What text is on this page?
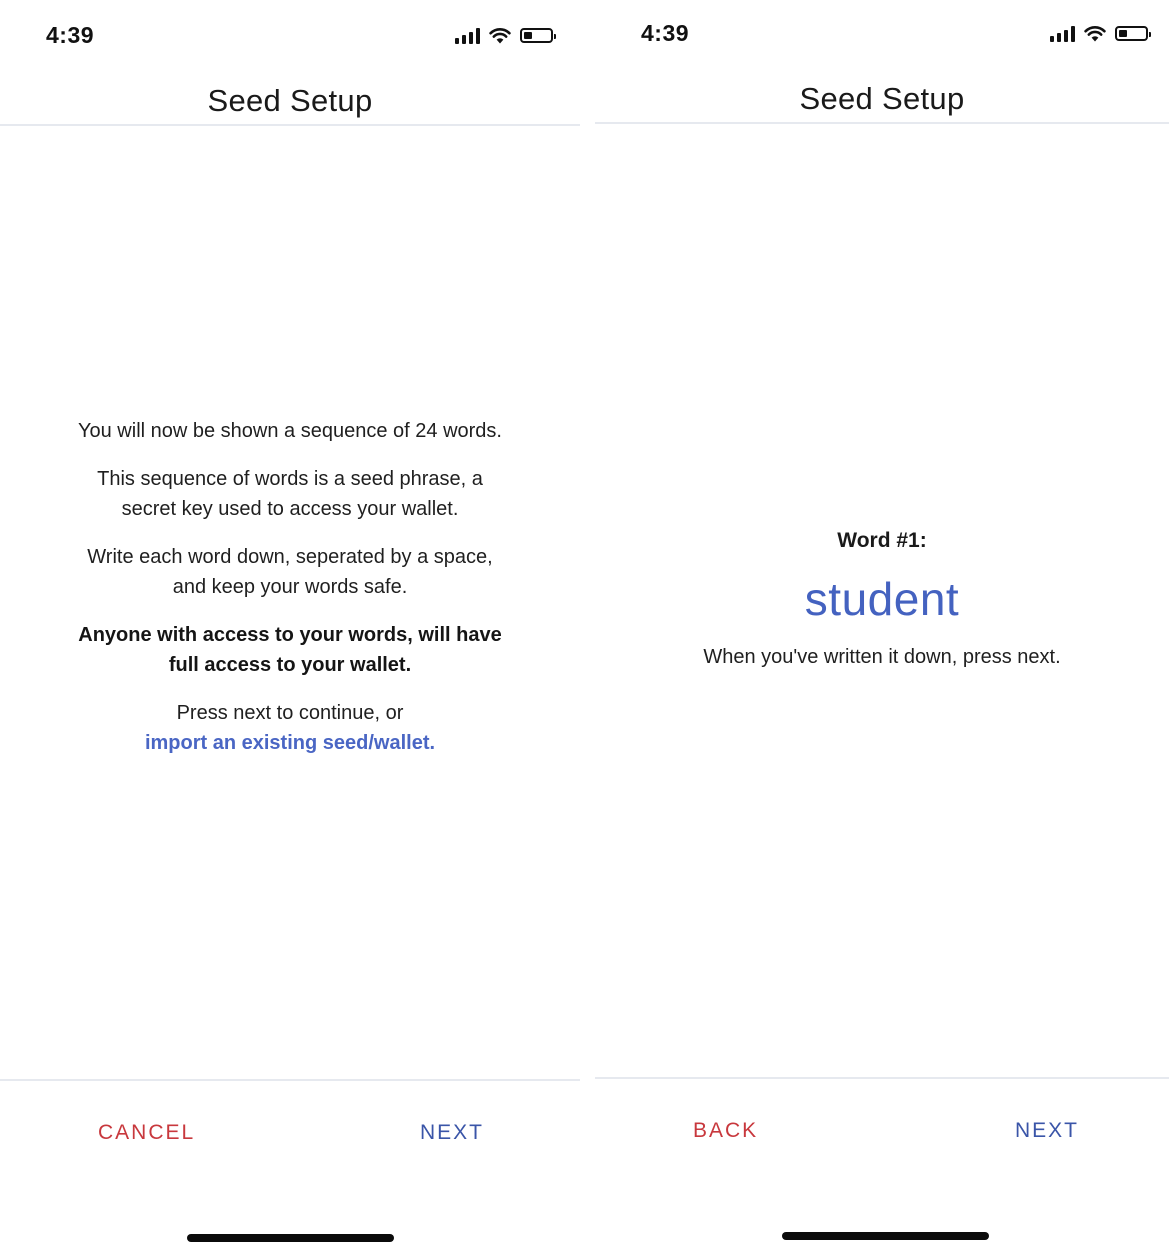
4:39
Seed Setup

You will now be shown a sequence of 24 words.

This sequence of words is a seed phrase, a secret key used to access your wallet.

Write each word down, seperated by a space, and keep your words safe.

Anyone with access to your words, will have full access to your wallet.

Press next to continue, or
import an existing seed/wallet.

CANCEL	NEXT
4:39
Seed Setup
Word #1:
student
When you've written it down, press next.
BACK	NEXT
